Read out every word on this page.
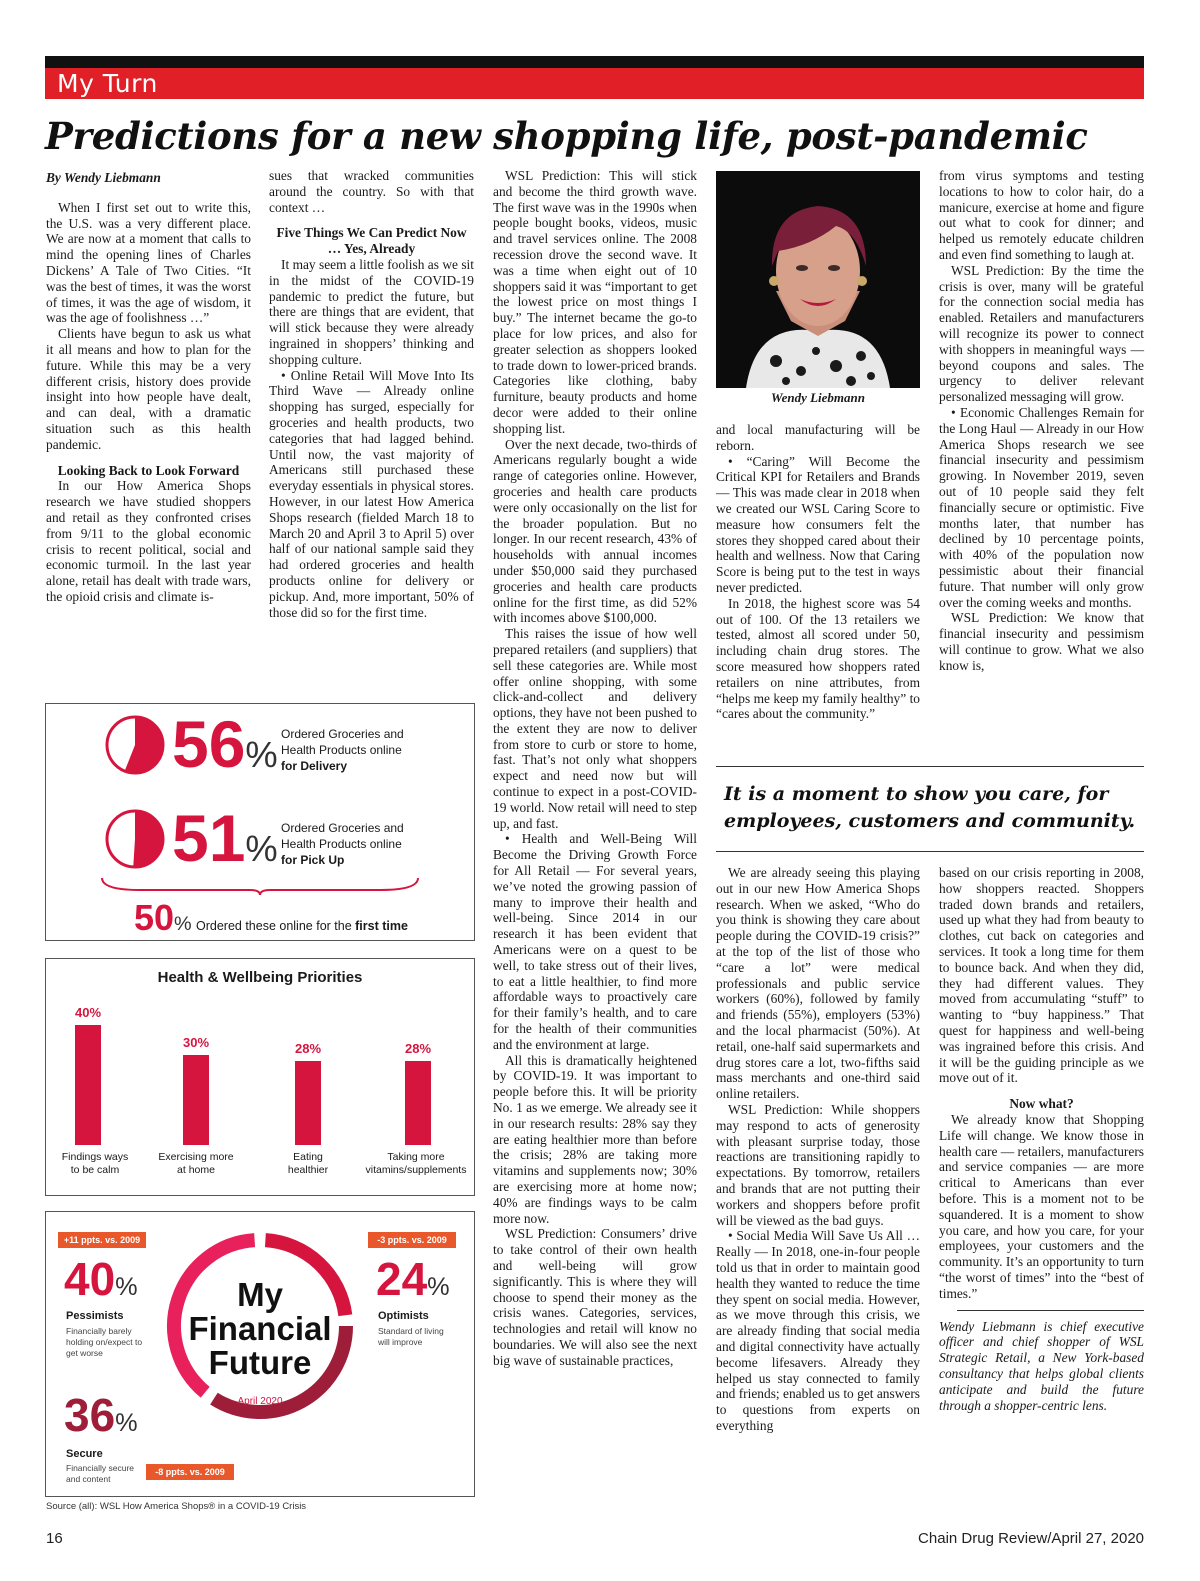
My Turn
Predictions for a new shopping life, post-pandemic

By Wendy Liebmann

When I first set out to write this, the U.S. was a very different place. We are now at a moment that calls to mind the opening lines of Charles Dickens’ A Tale of Two Cities. “It was the best of times, it was the worst of times, it was the age of wisdom, it was the age of foolishness …”

Clients have begun to ask us what it all means and how to plan for the future. While this may be a very different crisis, history does provide insight into how people have dealt, and can deal, with a dramatic situation such as this health pandemic.

Looking Back to Look Forward

In our How America Shops research we have studied shoppers and retail as they confronted crises from 9/11 to the global economic crisis to recent political, social and economic turmoil. In the last year alone, retail has dealt with trade wars, the opioid crisis and climate is-

sues that wracked communities around the country. So with that context …

Five Things We Can Predict Now … Yes, Already

It may seem a little foolish as we sit in the midst of the COVID-19 pandemic to predict the future, but there are things that are evident, that will stick because they were already ingrained in shoppers’ thinking and shopping culture.

• Online Retail Will Move Into Its Third Wave — Already online shopping has surged, especially for groceries and health products, two categories that had lagged behind. Until now, the vast majority of Americans still purchased these everyday essentials in physical stores. However, in our latest How America Shops research (fielded March 18 to March 20 and April 3 to April 5) over half of our national sample said they had ordered groceries and health products online for delivery or pickup. And, more important, 50% of those did so for the first time.

WSL Prediction: This will stick and become the third growth wave. The first wave was in the 1990s when people bought books, videos, music and travel services online. The 2008 recession drove the second wave. It was a time when eight out of 10 shoppers said it was “important to get the lowest price on most things I buy.” The internet became the go-to place for low prices, and also for greater selection as shoppers looked to trade down to lower-priced brands. Categories like clothing, baby furniture, beauty products and home decor were added to their online shopping list.

Over the next decade, two-thirds of Americans regularly bought a wide range of categories online. However, groceries and health care products were only occasionally on the list for the broader population. But no longer. In our recent research, 43% of households with annual incomes under $50,000 said they purchased groceries and health care products online for the first time, as did 52% with incomes above $100,000.

This raises the issue of how well prepared retailers (and suppliers) that sell these categories are. While most offer online shopping, with some click-and-collect and delivery options, they have not been pushed to the extent they are now to deliver from store to curb or store to home, fast. That’s not only what shoppers expect and need now but will continue to expect in a post-COVID-19 world. Now retail will need to step up, and fast.

• Health and Well-Being Will Become the Driving Growth Force for All Retail — For several years, we’ve noted the growing passion of many to improve their health and well-being. Since 2014 in our research it has been evident that Americans were on a quest to be well, to take stress out of their lives, to eat a little healthier, to find more affordable ways to proactively care for their family’s health, and to care for the health of their communities and the environment at large.

All this is dramatically heightened by COVID-19. It was important to people before this. It will be priority No. 1 as we emerge. We already see it in our research results: 28% say they are eating healthier more than before the crisis; 28% are taking more vitamins and supplements now; 30% are exercising more at home now; 40% are findings ways to be calm more now.

WSL Prediction: Consumers’ drive to take control of their own health and well-being will grow significantly. This is where they will choose to spend their money as the crisis wanes. Categories, services, technologies and retail will know no boundaries. We will also see the next big wave of sustainable practices,

Wendy Liebmann

and local manufacturing will be reborn.

• “Caring” Will Become the Critical KPI for Retailers and Brands — This was made clear in 2018 when we created our WSL Caring Score to measure how consumers felt the stores they shopped cared about their health and wellness. Now that Caring Score is being put to the test in ways never predicted.

In 2018, the highest score was 54 out of 100. Of the 13 retailers we tested, almost all scored under 50, including chain drug stores. The score measured how shoppers rated retailers on nine attributes, from “helps me keep my family healthy” to “cares about the community.”

from virus symptoms and testing locations to how to color hair, do a manicure, exercise at home and figure out what to cook for dinner; and helped us remotely educate children and even find something to laugh at.

WSL Prediction: By the time the crisis is over, many will be grateful for the connection social media has enabled. Retailers and manufacturers will recognize its power to connect with shoppers in meaningful ways — beyond coupons and sales. The urgency to deliver relevant personalized messaging will grow.

• Economic Challenges Remain for the Long Haul — Already in our How America Shops research we see financial insecurity and pessimism growing. In November 2019, seven out of 10 people said they felt financially secure or optimistic. Five months later, that number has declined by 10 percentage points, with 40% of the population now pessimistic about their financial future. That number will only grow over the coming weeks and months.

WSL Prediction: We know that financial insecurity and pessimism will continue to grow. What we also know is,

It is a moment to show you care, for employees, customers and community.

We are already seeing this playing out in our new How America Shops research. When we asked, “Who do you think is showing they care about people during the COVID-19 crisis?” at the top of the list of those who “care a lot” were medical professionals and public service workers (60%), followed by family and friends (55%), employers (53%) and the local pharmacist (50%). At retail, one-half said supermarkets and drug stores care a lot, two-fifths said mass merchants and one-third said online retailers.

WSL Prediction: While shoppers may respond to acts of generosity with pleasant surprise today, those reactions are transitioning rapidly to expectations. By tomorrow, retailers and brands that are not putting their workers and shoppers before profit will be viewed as the bad guys.

• Social Media Will Save Us All … Really — In 2018, one-in-four people told us that in order to maintain good health they wanted to reduce the time they spent on social media. However, as we move through this crisis, we are already finding that social media and digital connectivity have actually become lifesavers. Already they helped us stay connected to family and friends; enabled us to get answers to questions from experts on everything

based on our crisis reporting in 2008, how shoppers reacted. Shoppers traded down brands and retailers, used up what they had from beauty to clothes, cut back on categories and services. It took a long time for them to bounce back. And when they did, they had different values. They moved from accumulating “stuff” to wanting to “buy happiness.” That quest for happiness and well-being was ingrained before this crisis. And it will be the guiding principle as we move out of it.

Now what?

We already know that Shopping Life will change. We know those in health care — retailers, manufacturers and service companies — are more critical to Americans than ever before. This is a moment not to be squandered. It is a moment to show you care, and how you care, for your employees, your customers and the community. It’s an opportunity to turn “the worst of times” into the “best of times.”

Wendy Liebmann is chief executive officer and chief shopper of WSL Strategic Retail, a New York-based consultancy that helps global clients anticipate and build the future through a shopper-centric lens.

56% Ordered Groceries and
Health Products online
for Delivery
51% Ordered Groceries and
Health Products online
for Pick Up
50% Ordered these online for the first time
Health & Wellbeing Priorities
40%
30%	28%	28%
Findings ways
to be calm
Exercising more
at home
Eating
healthier
Taking more
vitamins/supplements
My
Financial
Future
April 2020
+11 ppts. vs. 2009
40%
Pessimists
Financially barely
holding on/expect to
get worse
-3 ppts. vs. 2009
24%
Optimists
Standard of living
will improve
36%
Secure
Financially secure
and content
-8 ppts. vs. 2009
Source (all): WSL How America Shops® in a COVID-19 Crisis
16	Chain Drug Review/April 27, 2020
